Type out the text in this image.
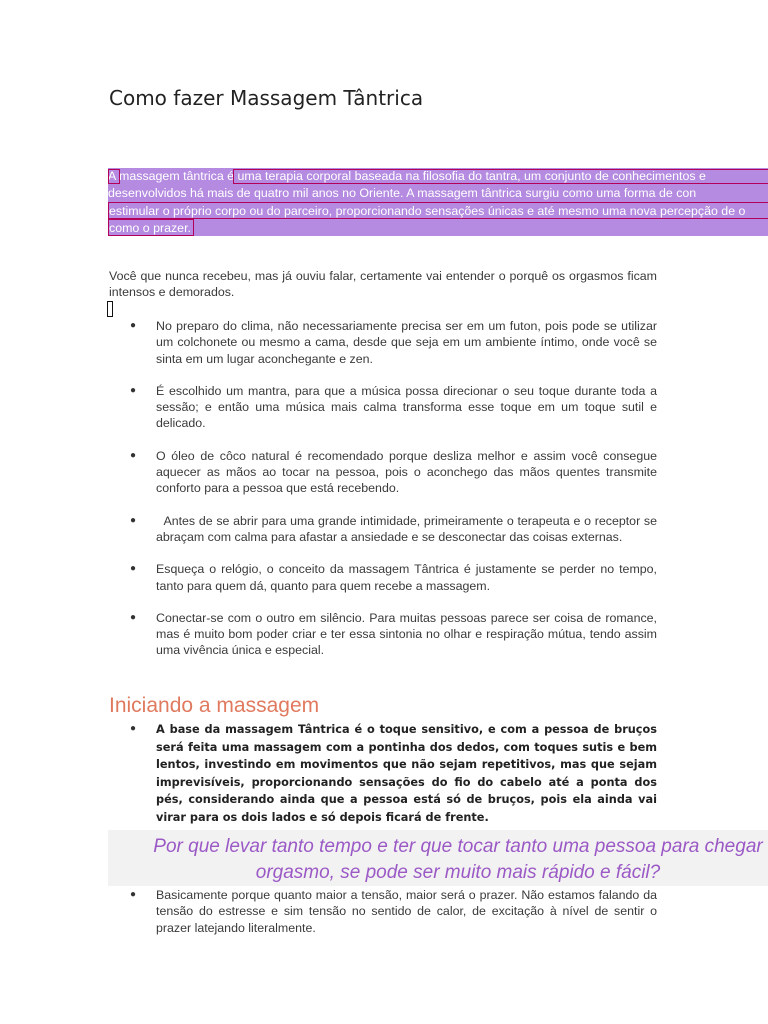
Como fazer Massagem Tântrica
A massagem tântrica é uma terapia corporal baseada na filosofia do tantra, um conjunto de conhecimentos e
desenvolvidos há mais de quatro mil anos no Oriente. A massagem tântrica surgiu como uma forma de con
estimular o próprio corpo ou do parceiro, proporcionando sensações únicas e até mesmo uma nova percepção de o
como o prazer.
Você que nunca recebeu, mas já ouviu falar, certamente vai entender o porquê os orgasmos ficam intensos e demorados.
●	No preparo do clima, não necessariamente precisa ser em um futon, pois pode se utilizar um colchonete ou mesmo a cama, desde que seja em um ambiente íntimo, onde você se sinta em um lugar aconchegante e zen.
●	É escolhido um mantra, para que a música possa direcionar o seu toque durante toda a sessão; e então uma música mais calma transforma esse toque em um toque sutil e delicado.
●	O óleo de côco natural é recomendado porque desliza melhor e assim você consegue aquecer as mãos ao tocar na pessoa, pois o aconchego das mãos quentes transmite conforto para a pessoa que está recebendo.
●	Antes de se abrir para uma grande intimidade, primeiramente o terapeuta e o receptor se abraçam com calma para afastar a ansiedade e se desconectar das coisas externas.
●	Esqueça o relógio, o conceito da massagem Tântrica é justamente se perder no tempo, tanto para quem dá, quanto para quem recebe a massagem.
●	Conectar-se com o outro em silêncio. Para muitas pessoas parece ser coisa de romance, mas é muito bom poder criar e ter essa sintonia no olhar e respiração mútua, tendo assim uma vivência única e especial.
Iniciando a massagem
●	A base da massagem Tântrica é o toque sensitivo, e com a pessoa de bruços será feita uma massagem com a pontinha dos dedos, com toques sutis e bem lentos, investindo em movimentos que não sejam repetitivos, mas que sejam imprevisíveis, proporcionando sensações do fio do cabelo até a ponta dos pés, considerando ainda que a pessoa está só de bruços, pois ela ainda vai virar para os dois lados e só depois ficará de frente.
Por que levar tanto tempo e ter que tocar tanto uma pessoa para chegar
orgasmo, se pode ser muito mais rápido e fácil?
●	Basicamente porque quanto maior a tensão, maior será o prazer. Não estamos falando da tensão do estresse e sim tensão no sentido de calor, de excitação à nível de sentir o prazer latejando literalmente.
